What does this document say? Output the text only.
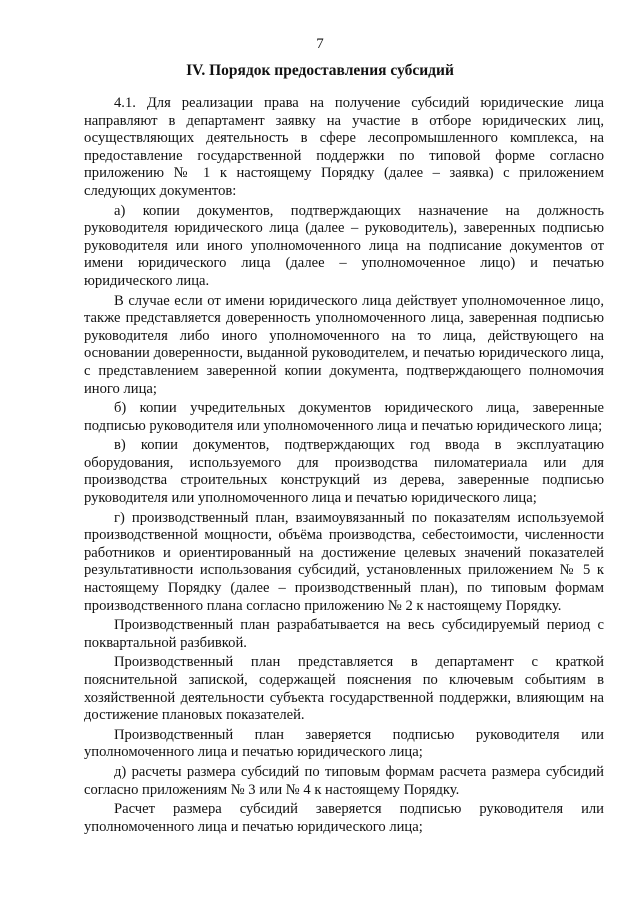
7
IV. Порядок предоставления субсидий

4.1. Для реализации права на получение субсидий юридические лица направляют в департамент заявку на участие в отборе юридических лиц, осуществляющих деятельность в сфере лесопромышленного комплекса, на предоставление государственной поддержки по типовой форме согласно приложению № 1 к настоящему Порядку (далее – заявка) с приложением следующих документов:

а) копии документов, подтверждающих назначение на должность руководителя юридического лица (далее – руководитель), заверенных подписью руководителя или иного уполномоченного лица на подписание документов от имени юридического лица (далее – уполномоченное лицо) и печатью юридического лица.

В случае если от имени юридического лица действует уполномоченное лицо, также представляется доверенность уполномоченного лица, заверенная подписью руководителя либо иного уполномоченного на то лица, действующего на основании доверенности, выданной руководителем, и печатью юридического лица, с представлением заверенной копии документа, подтверждающего полномочия иного лица;

б) копии учредительных документов юридического лица, заверенные подписью руководителя или уполномоченного лица и печатью юридического лица;

в) копии документов, подтверждающих год ввода в эксплуатацию оборудования, используемого для производства пиломатериала или для производства строительных конструкций из дерева, заверенные подписью руководителя или уполномоченного лица и печатью юридического лица;

г) производственный план, взаимоувязанный по показателям используемой производственной мощности, объёма производства, себестоимости, численности работников и ориентированный на достижение целевых значений показателей результативности использования субсидий, установленных приложением № 5 к настоящему Порядку (далее – производственный план), по типовым формам производственного плана согласно приложению № 2 к настоящему Порядку.

Производственный план разрабатывается на весь субсидируемый период с поквартальной разбивкой.

Производственный план представляется в департамент с краткой пояснительной запиской, содержащей пояснения по ключевым событиям в хозяйственной деятельности субъекта государственной поддержки, влияющим на достижение плановых показателей.

Производственный план заверяется подписью руководителя или уполномоченного лица и печатью юридического лица;

д) расчеты размера субсидий по типовым формам расчета размера субсидий согласно приложениям № 3 или № 4 к настоящему Порядку.

Расчет размера субсидий заверяется подписью руководителя или уполномоченного лица и печатью юридического лица;
